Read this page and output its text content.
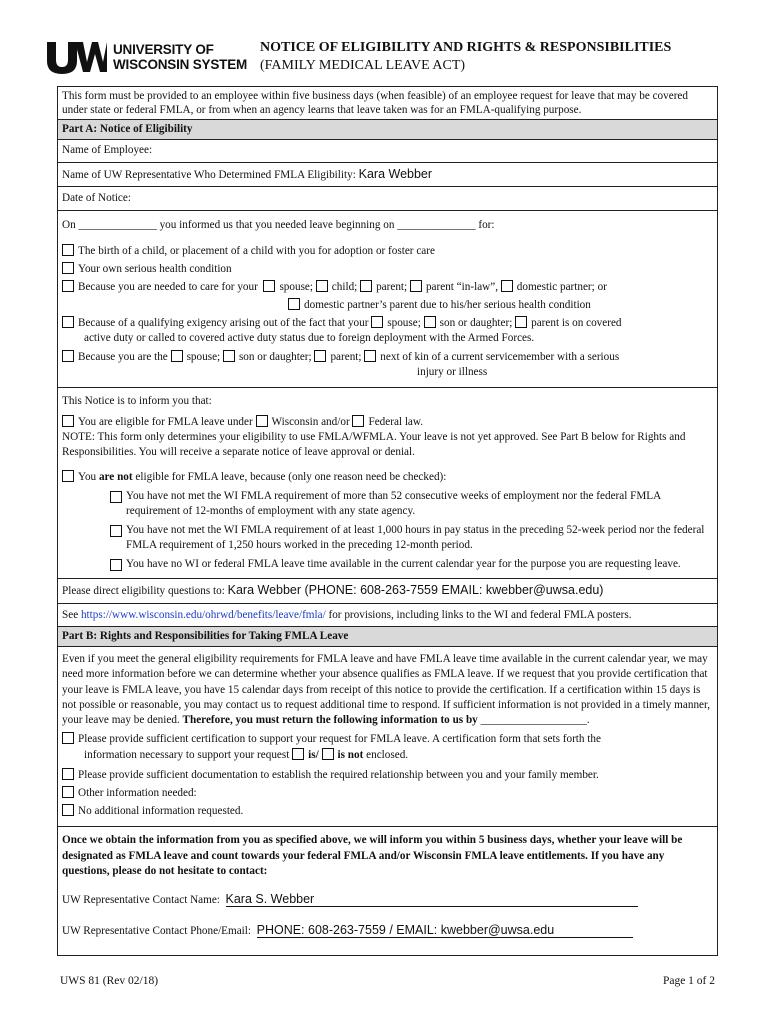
UNIVERSITY OF
WISCONSIN SYSTEM
NOTICE OF ELIGIBILITY AND RIGHTS & RESPONSIBILITIES
(FAMILY MEDICAL LEAVE ACT)
This form must be provided to an employee within five business days (when feasible) of an employee request for leave that may be covered under state or federal FMLA, or from when an agency learns that leave taken was for an FMLA-qualifying purpose.
Part A: Notice of Eligibility
Name of Employee:
Name of UW Representative Who Determined FMLA Eligibility: Kara Webber
Date of Notice:
On ______________ you informed us that you needed leave beginning on ______________ for:
The birth of a child, or placement of a child with you for adoption or foster care
Your own serious health condition
Because you are needed to care for your spouse; child; parent; parent “in-law”, domestic partner; or
domestic partner’s parent due to his/her serious health condition
Because of a qualifying exigency arising out of the fact that your spouse; son or daughter; parent is on covered
active duty or called to covered active duty status due to foreign deployment with the Armed Forces.
Because you are the spouse; son or daughter; parent; next of kin of a current servicemember with a serious
injury or illness
This Notice is to inform you that:
You are eligible for FMLA leave under Wisconsin and/or Federal law.
NOTE: This form only determines your eligibility to use FMLA/WFMLA. Your leave is not yet approved. See Part B below for Rights and Responsibilities. You will receive a separate notice of leave approval or denial.
You are not eligible for FMLA leave, because (only one reason need be checked):
You have not met the WI FMLA requirement of more than 52 consecutive weeks of employment nor the federal FMLA requirement of 12-months of employment with any state agency.
You have not met the WI FMLA requirement of at least 1,000 hours in pay status in the preceding 52-week period nor the federal FMLA requirement of 1,250 hours worked in the preceding 12-month period.
You have no WI or federal FMLA leave time available in the current calendar year for the purpose you are requesting leave.
Please direct eligibility questions to: Kara Webber (PHONE: 608-263-7559 EMAIL: kwebber@uwsa.edu)
See https://www.wisconsin.edu/ohrwd/benefits/leave/fmla/ for provisions, including links to the WI and federal FMLA posters.
Part B: Rights and Responsibilities for Taking FMLA Leave
Even if you meet the general eligibility requirements for FMLA leave and have FMLA leave time available in the current calendar year, we may need more information before we can determine whether your absence qualifies as FMLA leave. If we request that you provide certification that your leave is FMLA leave, you have 15 calendar days from receipt of this notice to provide the certification. If a certification within 15 days is not possible or reasonable, you may contact us to request additional time to respond. If sufficient information is not provided in a timely manner, your leave may be denied. Therefore, you must return the following information to us by ___________________.
Please provide sufficient certification to support your request for FMLA leave. A certification form that sets forth the
information necessary to support your request is/ is not enclosed.
Please provide sufficient documentation to establish the required relationship between you and your family member.
Other information needed:
No additional information requested.
Once we obtain the information from you as specified above, we will inform you within 5 business days, whether your leave will be designated as FMLA leave and count towards your federal FMLA and/or Wisconsin FMLA leave entitlements. If you have any questions, please do not hesitate to contact:
UW Representative Contact Name: Kara S. Webber
UW Representative Contact Phone/Email: PHONE: 608-263-7559 / EMAIL: kwebber@uwsa.edu
UWS 81 (Rev 02/18)	Page 1 of 2
